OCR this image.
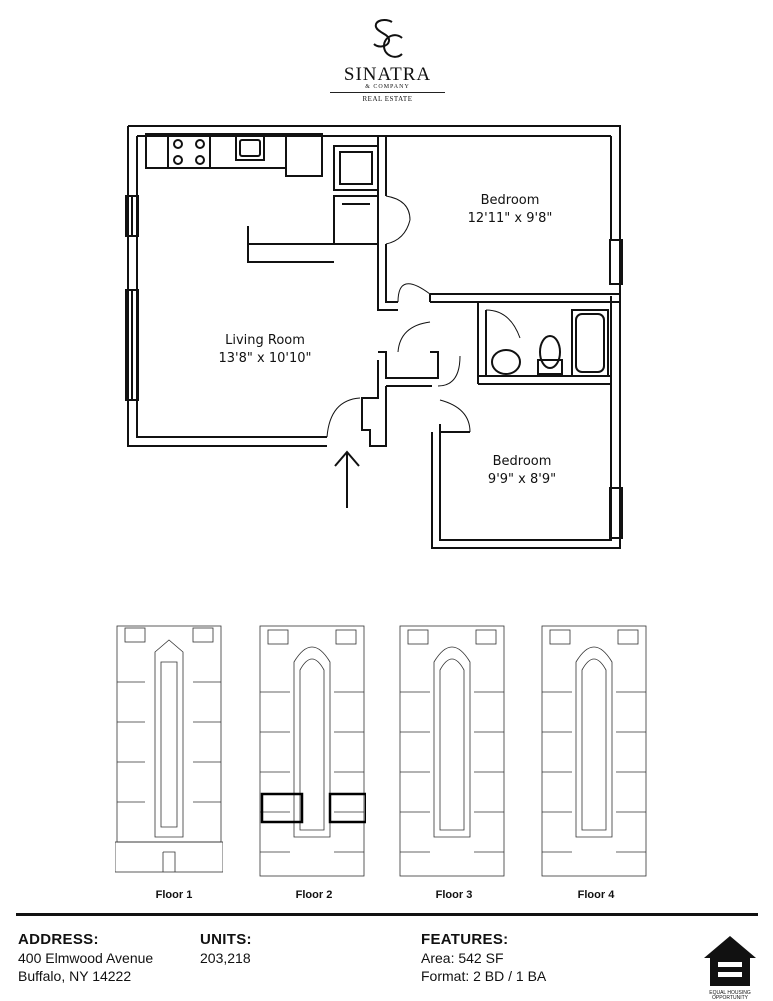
SINATRA
& COMPANY
REAL ESTATE
Bedroom
12'11" x 9'8"
Living Room
13'8" x 10'10"
Bedroom
9'9" x 8'9"
Floor 1	Floor 2	Floor 3	Floor 4
ADDRESS:
400 Elmwood Avenue
Buffalo, NY 14222
UNITS:
203,218
FEATURES:
Area: 542 SF
Format: 2 BD / 1 BA
EQUAL HOUSING OPPORTUNITY
